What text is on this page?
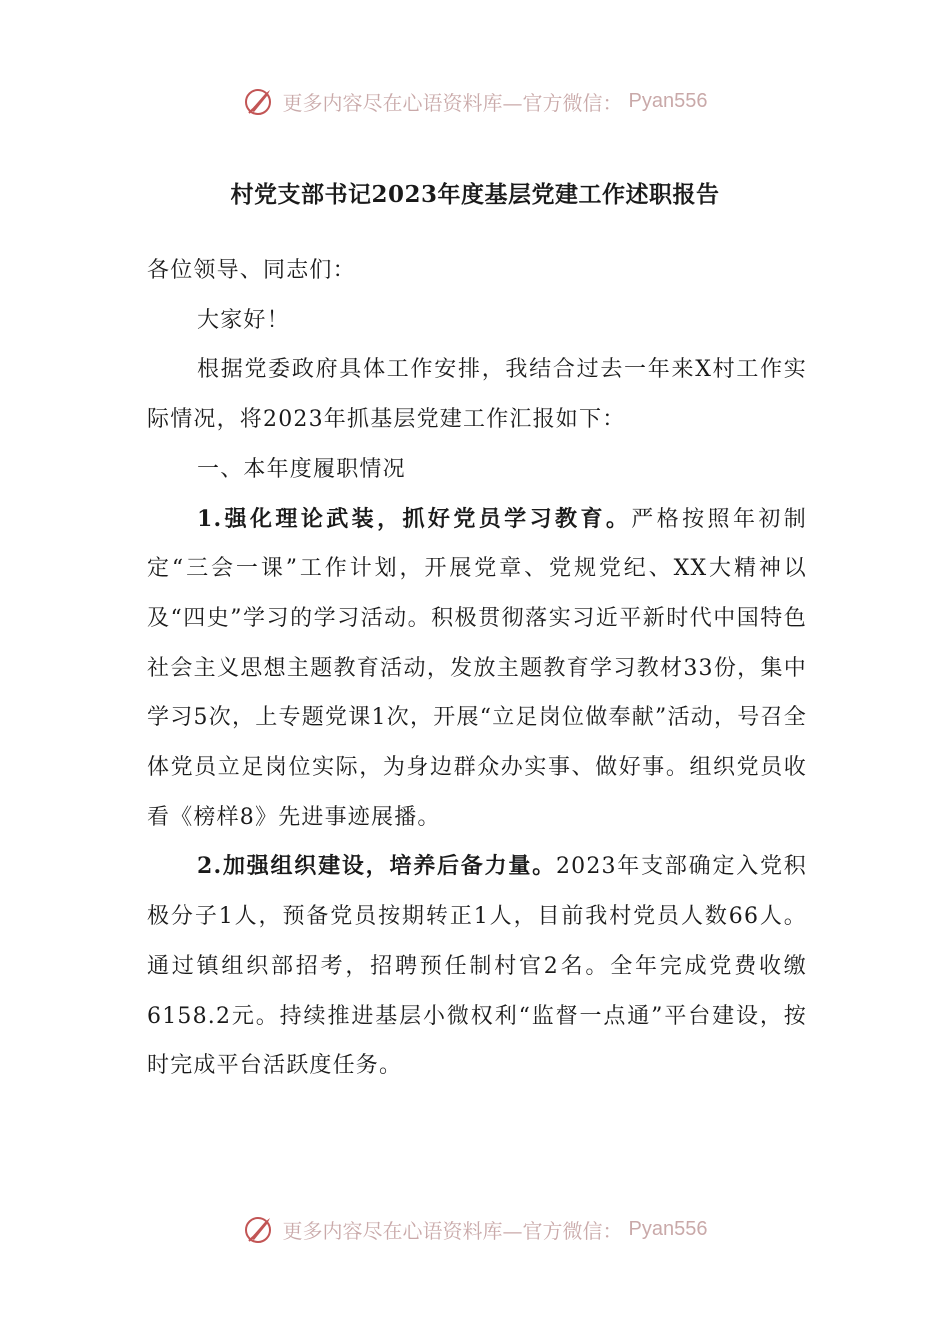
更多内容尽在心语资料库—官方微信： Pyan556
村党支部书记2023年度基层党建工作述职报告

各位领导、同志们：

大家好！

根据党委政府具体工作安排，我结合过去一年来X村工作实际情况，将2023年抓基层党建工作汇报如下：

一、本年度履职情况

1.强化理论武装，抓好党员学习教育。严格按照年初制定“三会一课”工作计划，开展党章、党规党纪、XX大精神以及“四史”学习的学习活动。积极贯彻落实习近平新时代中国特色社会主义思想主题教育活动，发放主题教育学习教材33份，集中学习5次，上专题党课1次，开展“立足岗位做奉献”活动，号召全体党员立足岗位实际，为身边群众办实事、做好事。组织党员收看《榜样8》先进事迹展播。

2.加强组织建设，培养后备力量。2023年支部确定入党积极分子1人，预备党员按期转正1人，目前我村党员人数66人。通过镇组织部招考，招聘预任制村官2名。全年完成党费收缴6158.2元。持续推进基层小微权利“监督一点通”平台建设，按时完成平台活跃度任务。

更多内容尽在心语资料库—官方微信： Pyan556
